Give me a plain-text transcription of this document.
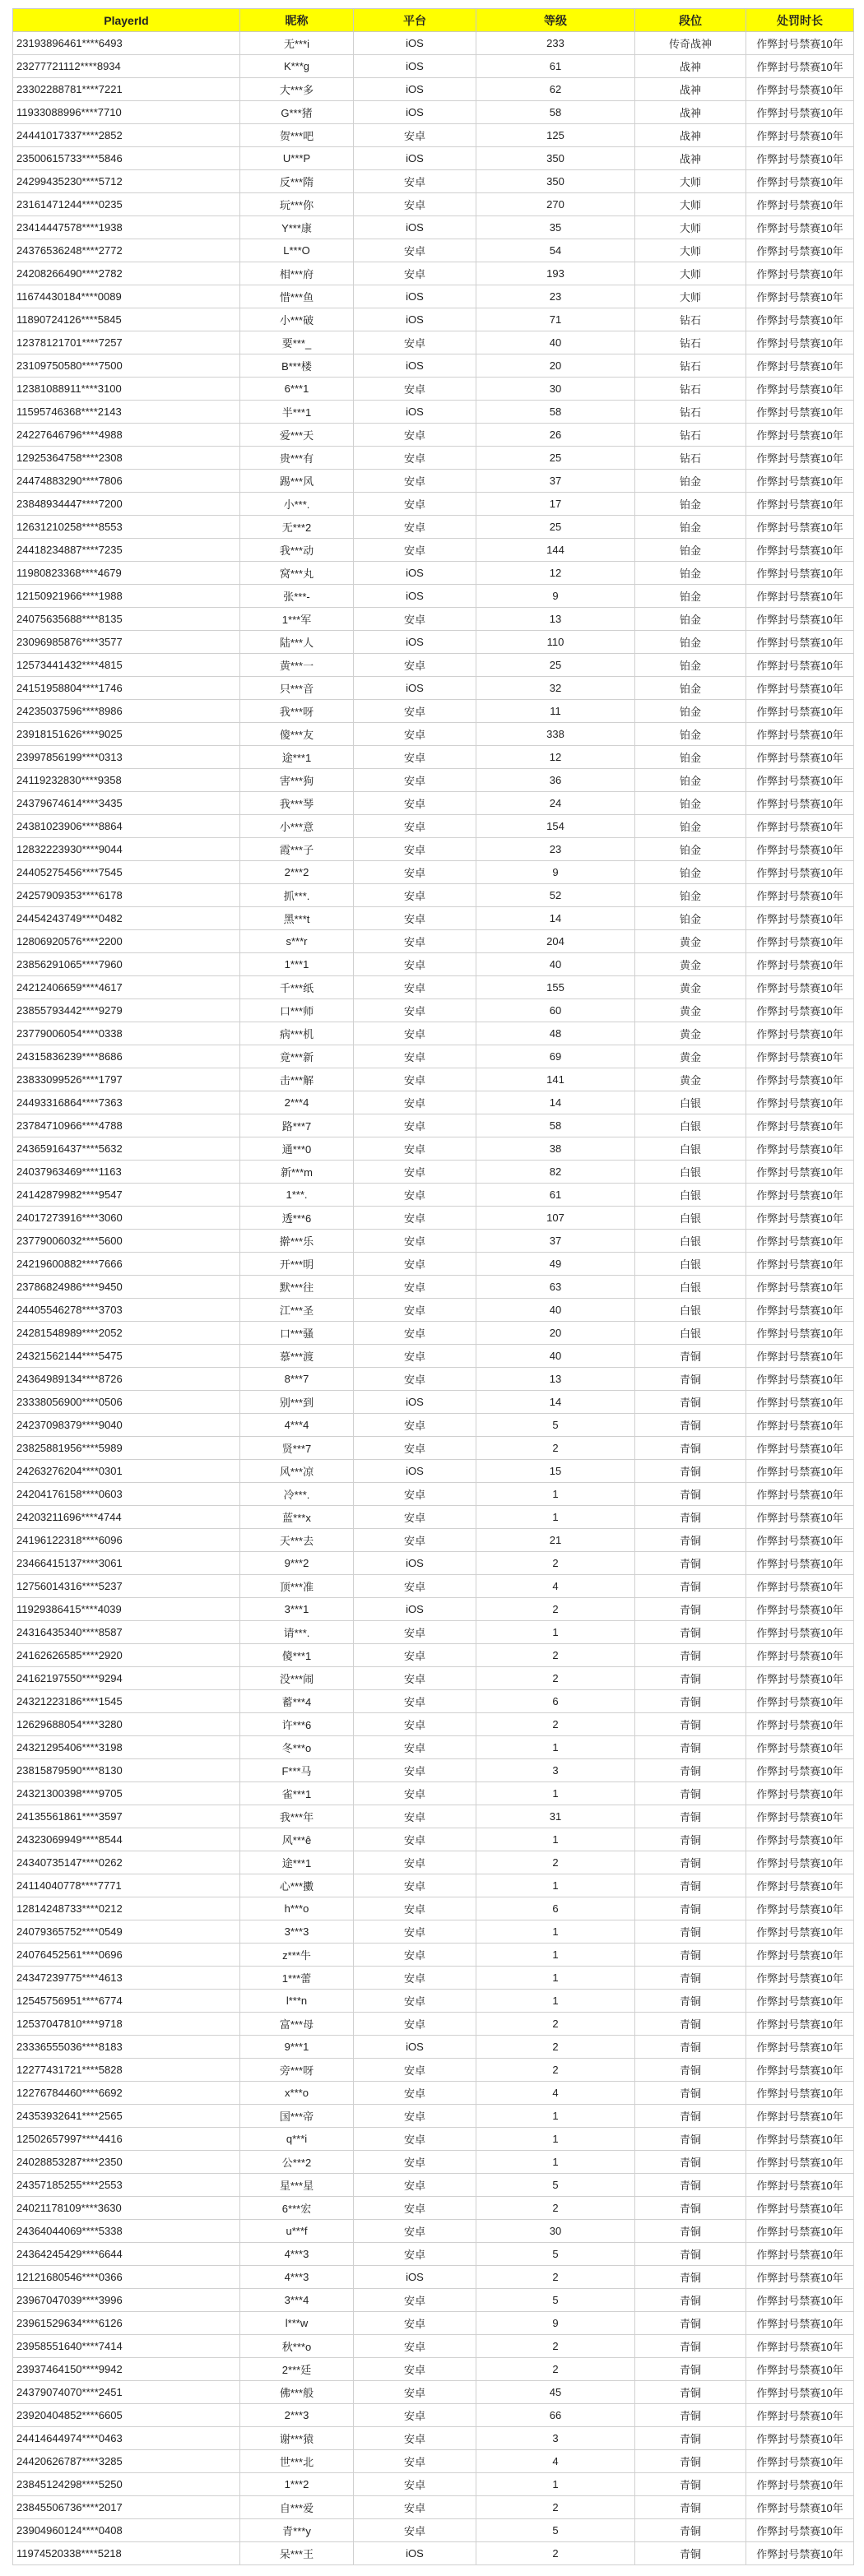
PlayerId	昵称	平台	等级	段位	处罚时长
23193896461****6493	无***i	iOS	233	传奇战神	作弊封号禁赛10年
23277721112****8934	K***g	iOS	61	战神	作弊封号禁赛10年
23302288781****7221	大***多	iOS	62	战神	作弊封号禁赛10年
11933088996****7710	G***猪	iOS	58	战神	作弊封号禁赛10年
24441017337****2852	贺***吧	安卓	125	战神	作弊封号禁赛10年
23500615733****5846	U***P	iOS	350	战神	作弊封号禁赛10年
24299435230****5712	反***隋	安卓	350	大师	作弊封号禁赛10年
23161471244****0235	玩***你	安卓	270	大师	作弊封号禁赛10年
23414447578****1938	Y***康	iOS	35	大师	作弊封号禁赛10年
24376536248****2772	L***O	安卓	54	大师	作弊封号禁赛10年
24208266490****2782	相***府	安卓	193	大师	作弊封号禁赛10年
11674430184****0089	惜***鱼	iOS	23	大师	作弊封号禁赛10年
11890724126****5845	小***破	iOS	71	钻石	作弊封号禁赛10年
12378121701****7257	要***_	安卓	40	钻石	作弊封号禁赛10年
23109750580****7500	B***楼	iOS	20	钻石	作弊封号禁赛10年
12381088911****3100	6***1	安卓	30	钻石	作弊封号禁赛10年
11595746368****2143	半***1	iOS	58	钻石	作弊封号禁赛10年
24227646796****4988	爱***天	安卓	26	钻石	作弊封号禁赛10年
12925364758****2308	贵***有	安卓	25	钻石	作弊封号禁赛10年
24474883290****7806	踢***风	安卓	37	铂金	作弊封号禁赛10年
23848934447****7200	小***.	安卓	17	铂金	作弊封号禁赛10年
12631210258****8553	无***2	安卓	25	铂金	作弊封号禁赛10年
24418234887****7235	我***动	安卓	144	铂金	作弊封号禁赛10年
11980823368****4679	窝***丸	iOS	12	铂金	作弊封号禁赛10年
12150921966****1988	张***-	iOS	9	铂金	作弊封号禁赛10年
24075635688****8135	1***军	安卓	13	铂金	作弊封号禁赛10年
23096985876****3577	陆***人	iOS	110	铂金	作弊封号禁赛10年
12573441432****4815	黄***一	安卓	25	铂金	作弊封号禁赛10年
24151958804****1746	只***音	iOS	32	铂金	作弊封号禁赛10年
24235037596****8986	我***呀	安卓	11	铂金	作弊封号禁赛10年
23918151626****9025	傻***友	安卓	338	铂金	作弊封号禁赛10年
23997856199****0313	途***1	安卓	12	铂金	作弊封号禁赛10年
24119232830****9358	害***狗	安卓	36	铂金	作弊封号禁赛10年
24379674614****3435	我***琴	安卓	24	铂金	作弊封号禁赛10年
24381023906****8864	小***意	安卓	154	铂金	作弊封号禁赛10年
12832223930****9044	霞***子	安卓	23	铂金	作弊封号禁赛10年
24405275456****7545	2***2	安卓	9	铂金	作弊封号禁赛10年
24257909353****6178	抓***.	安卓	52	铂金	作弊封号禁赛10年
24454243749****0482	黑***t	安卓	14	铂金	作弊封号禁赛10年
12806920576****2200	s***r	安卓	204	黄金	作弊封号禁赛10年
23856291065****7960	1***1	安卓	40	黄金	作弊封号禁赛10年
24212406659****4617	千***纸	安卓	155	黄金	作弊封号禁赛10年
23855793442****9279	口***师	安卓	60	黄金	作弊封号禁赛10年
23779006054****0338	病***机	安卓	48	黄金	作弊封号禁赛10年
24315836239****8686	竟***新	安卓	69	黄金	作弊封号禁赛10年
23833099526****1797	击***解	安卓	141	黄金	作弊封号禁赛10年
24493316864****7363	2***4	安卓	14	白银	作弊封号禁赛10年
23784710966****4788	路***7	安卓	58	白银	作弊封号禁赛10年
24365916437****5632	通***0	安卓	38	白银	作弊封号禁赛10年
24037963469****1163	新***m	安卓	82	白银	作弊封号禁赛10年
24142879982****9547	1***.	安卓	61	白银	作弊封号禁赛10年
24017273916****3060	透***6	安卓	107	白银	作弊封号禁赛10年
23779006032****5600	擀***乐	安卓	37	白银	作弊封号禁赛10年
24219600882****7666	开***明	安卓	49	白银	作弊封号禁赛10年
23786824986****9450	默***往	安卓	63	白银	作弊封号禁赛10年
24405546278****3703	江***圣	安卓	40	白银	作弊封号禁赛10年
24281548989****2052	口***骚	安卓	20	白银	作弊封号禁赛10年
24321562144****5475	慕***渡	安卓	40	青铜	作弊封号禁赛10年
24364989134****8726	8***7	安卓	13	青铜	作弊封号禁赛10年
23338056900****0506	别***到	iOS	14	青铜	作弊封号禁赛10年
24237098379****9040	4***4	安卓	5	青铜	作弊封号禁赛10年
23825881956****5989	贤***7	安卓	2	青铜	作弊封号禁赛10年
24263276204****0301	风***凉	iOS	15	青铜	作弊封号禁赛10年
24204176158****0603	冷***.	安卓	1	青铜	作弊封号禁赛10年
24203211696****4744	蓝***x	安卓	1	青铜	作弊封号禁赛10年
24196122318****6096	天***去	安卓	21	青铜	作弊封号禁赛10年
23466415137****3061	9***2	iOS	2	青铜	作弊封号禁赛10年
12756014316****5237	顶***准	安卓	4	青铜	作弊封号禁赛10年
11929386415****4039	3***1	iOS	2	青铜	作弊封号禁赛10年
24316435340****8587	请***.	安卓	1	青铜	作弊封号禁赛10年
24162626585****2920	傻***1	安卓	2	青铜	作弊封号禁赛10年
24162197550****9294	没***闹	安卓	2	青铜	作弊封号禁赛10年
24321223186****1545	蓄***4	安卓	6	青铜	作弊封号禁赛10年
12629688054****3280	许***6	安卓	2	青铜	作弊封号禁赛10年
24321295406****3198	冬***o	安卓	1	青铜	作弊封号禁赛10年
23815879590****8130	F***马	安卓	3	青铜	作弊封号禁赛10年
24321300398****9705	雀***1	安卓	1	青铜	作弊封号禁赛10年
24135561861****3597	我***年	安卓	31	青铜	作弊封号禁赛10年
24323069949****8544	风***ê	安卓	1	青铜	作弊封号禁赛10年
24340735147****0262	途***1	安卓	2	青铜	作弊封号禁赛10年
24114040778****7771	心***擻	安卓	1	青铜	作弊封号禁赛10年
12814248733****0212	h***o	安卓	6	青铜	作弊封号禁赛10年
24079365752****0549	3***3	安卓	1	青铜	作弊封号禁赛10年
24076452561****0696	z***牛	安卓	1	青铜	作弊封号禁赛10年
24347239775****4613	1***蕾	安卓	1	青铜	作弊封号禁赛10年
12545756951****6774	l***n	安卓	1	青铜	作弊封号禁赛10年
12537047810****9718	富***母	安卓	2	青铜	作弊封号禁赛10年
23336555036****8183	9***1	iOS	2	青铜	作弊封号禁赛10年
12277431721****5828	旁***呀	安卓	2	青铜	作弊封号禁赛10年
12276784460****6692	x***o	安卓	4	青铜	作弊封号禁赛10年
24353932641****2565	国***帝	安卓	1	青铜	作弊封号禁赛10年
12502657997****4416	q***i	安卓	1	青铜	作弊封号禁赛10年
24028853287****2350	公***2	安卓	1	青铜	作弊封号禁赛10年
24357185255****2553	星***星	安卓	5	青铜	作弊封号禁赛10年
24021178109****3630	6***宏	安卓	2	青铜	作弊封号禁赛10年
24364044069****5338	u***f	安卓	30	青铜	作弊封号禁赛10年
24364245429****6644	4***3	安卓	5	青铜	作弊封号禁赛10年
12121680546****0366	4***3	iOS	2	青铜	作弊封号禁赛10年
23967047039****3996	3***4	安卓	5	青铜	作弊封号禁赛10年
23961529634****6126	l***w	安卓	9	青铜	作弊封号禁赛10年
23958551640****7414	秋***o	安卓	2	青铜	作弊封号禁赛10年
23937464150****9942	2***廷	安卓	2	青铜	作弊封号禁赛10年
24379074070****2451	佛***般	安卓	45	青铜	作弊封号禁赛10年
23920404852****6605	2***3	安卓	66	青铜	作弊封号禁赛10年
24414644974****0463	谢***猿	安卓	3	青铜	作弊封号禁赛10年
24420626787****3285	世***北	安卓	4	青铜	作弊封号禁赛10年
23845124298****5250	1***2	安卓	1	青铜	作弊封号禁赛10年
23845506736****2017	自***爱	安卓	2	青铜	作弊封号禁赛10年
23904960124****0408	青***y	安卓	5	青铜	作弊封号禁赛10年
11974520338****5218	呆***王	iOS	2	青铜	作弊封号禁赛10年
